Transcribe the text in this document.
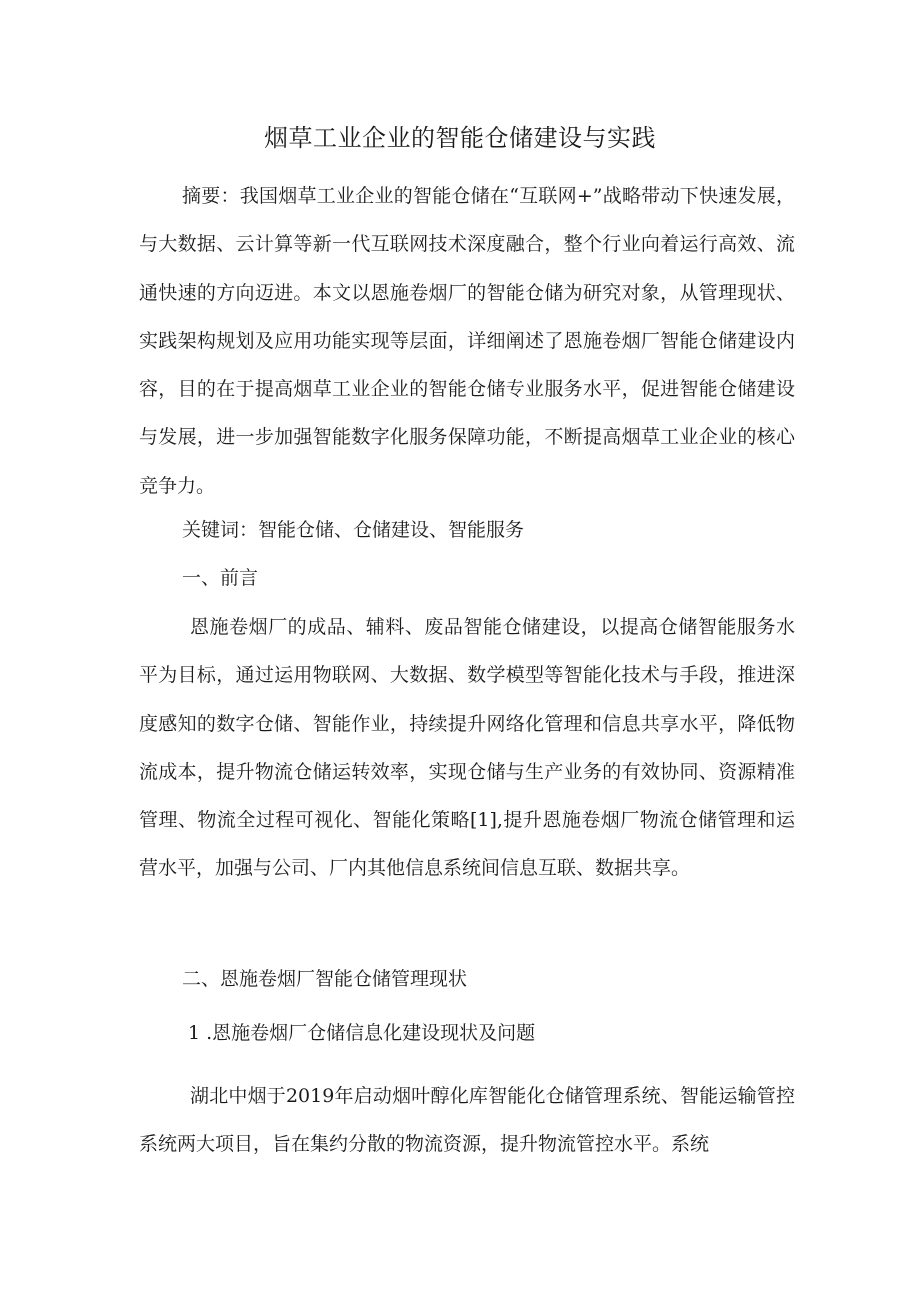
烟草工业企业的智能仓储建设与实践

摘要：我国烟草工业企业的智能仓储在“互联网+”战略带动下快速发展，与大数据、云计算等新一代互联网技术深度融合，整个行业向着运行高效、流通快速的方向迈进。本文以恩施卷烟厂的智能仓储为研究对象，从管理现状、实践架构规划及应用功能实现等层面，详细阐述了恩施卷烟厂智能仓储建设内容，目的在于提高烟草工业企业的智能仓储专业服务水平，促进智能仓储建设与发展，进一步加强智能数字化服务保障功能，不断提高烟草工业企业的核心竞争力。

关键词：智能仓储、仓储建设、智能服务
一、前言

恩施卷烟厂的成品、辅料、废品智能仓储建设，以提高仓储智能服务水平为目标，通过运用物联网、大数据、数学模型等智能化技术与手段，推进深度感知的数字仓储、智能作业，持续提升网络化管理和信息共享水平，降低物流成本，提升物流仓储运转效率，实现仓储与生产业务的有效协同、资源精准管理、物流全过程可视化、智能化策略[1],提升恩施卷烟厂物流仓储管理和运营水平，加强与公司、厂内其他信息系统间信息互联、数据共享。

二、恩施卷烟厂智能仓储管理现状
1 .恩施卷烟厂仓储信息化建设现状及问题

湖北中烟于2019年启动烟叶醇化库智能化仓储管理系统、智能运输管控系统两大项目，旨在集约分散的物流资源，提升物流管控水平。系统
